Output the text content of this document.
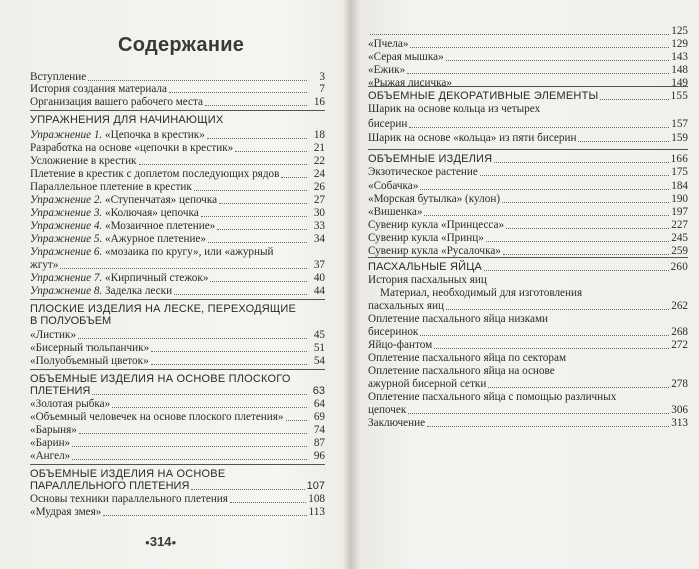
Содержание
Вступление	3
История создания материала	7
Организация вашего рабочего места	16
УПРАЖНЕНИЯ ДЛЯ НАЧИНАЮЩИХ
Упражнение 1. «Цепочка в крестик»	18
Разработка на основе «цепочки в крестик»	21
Усложнение в крестик	22
Плетение в крестик с доплетом последующих рядов	24
Параллельное плетение в крестик	26
Упражнение 2. «Ступенчатая» цепочка	27
Упражнение 3. «Колючая» цепочка	30
Упражнение 4. «Мозаичное плетение»	33
Упражнение 5. «Ажурное плетение»	34
Упражнение 6. «мозаика по кругу», или «ажурный
жгут»	37
Упражнение 7. «Кирпичный стежок»	40
Упражнение 8. Заделка лески	44
ПЛОСКИЕ ИЗДЕЛИЯ НА ЛЕСКЕ, ПЕРЕХОДЯЩИЕ
В ПОЛУОБЪЕМ
«Листик»	45
«Бисерный тюльпанчик»	51
«Полуобъемный цветок»	54
ОБЪЕМНЫЕ ИЗДЕЛИЯ НА ОСНОВЕ ПЛОСКОГО
ПЛЕТЕНИЯ	63
«Золотая рыбка»	64
«Объемный человечек на основе плоского плетения»	69
«Барыня»	74
«Барин»	87
«Ангел»	96
ОБЪЕМНЫЕ ИЗДЕЛИЯ НА ОСНОВЕ
ПАРАЛЛЕЛЬНОГО ПЛЕТЕНИЯ	107
Основы техники параллельного плетения	108
«Мудрая змея»	113
●314●
125
«Пчела»	129
«Серая мышка»	143
«Ежик»	148
«Рыжая лисичка»	149
ОБЪЕМНЫЕ ДЕКОРАТИВНЫЕ ЭЛЕМЕНТЫ	155
Шарик на основе кольца из четырех
бисерин	157
Шарик на основе «кольца» из пяти бисерин	159
ОБЪЕМНЫЕ ИЗДЕЛИЯ	166
Экзотическое растение	175
«Собачка»	184
«Морская бутылка» (кулон)	190
«Вишенка»	197
Сувенир кукла «Принцесса»	227
Сувенир кукла «Принц»	245
Сувенир кукла «Русалочка»	259
ПАСХАЛЬНЫЕ ЯЙЦА	260
История пасхальных яиц
Материал, необходимый для изготовления
пасхальных яиц	262
Оплетение пасхального яйца низками
бисеринок	268
Яйцо-фантом	272
Оплетение пасхального яйца по секторам
Оплетение пасхального яйца на основе
ажурной бисерной сетки	278
Оплетение пасхального яйца с помощью различных
цепочек	306
Заключение	313
